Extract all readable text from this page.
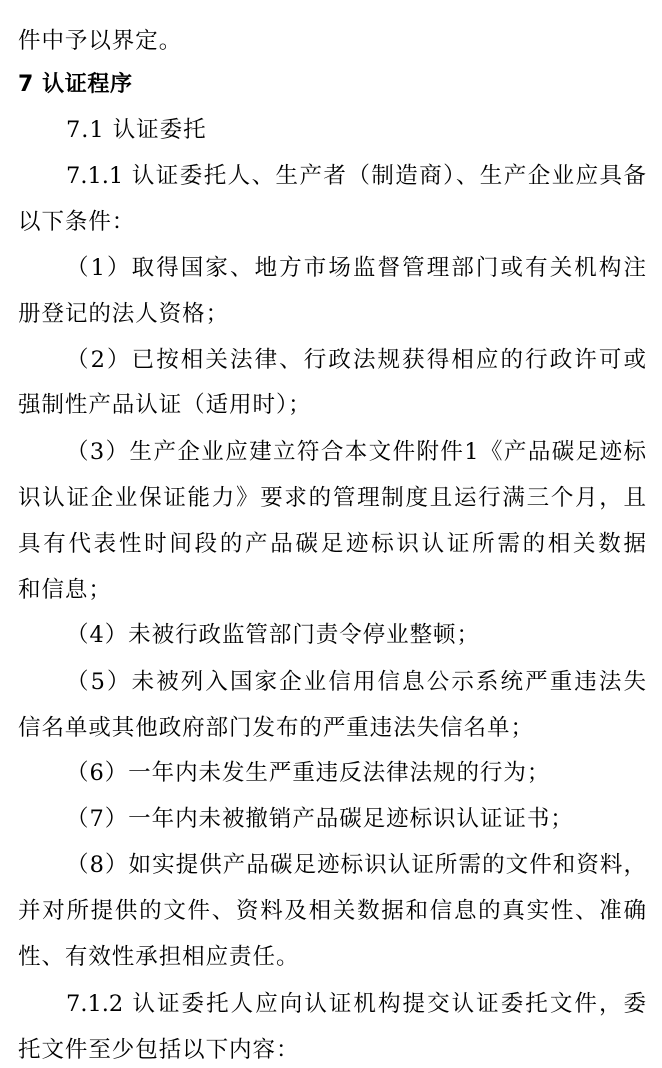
件中予以界定。
7 认证程序
7.1 认证委托
7.1.1 认证委托人、生产者（制造商）、生产企业应具备
以下条件：
（1）取得国家、地方市场监督管理部门或有关机构注
册登记的法人资格；
（2）已按相关法律、行政法规获得相应的行政许可或
强制性产品认证（适用时）；
（3）生产企业应建立符合本文件附件1《产品碳足迹标
识认证企业保证能力》要求的管理制度且运行满三个月，且
具有代表性时间段的产品碳足迹标识认证所需的相关数据
和信息；
（4）未被行政监管部门责令停业整顿；
（5）未被列入国家企业信用信息公示系统严重违法失
信名单或其他政府部门发布的严重违法失信名单；
（6）一年内未发生严重违反法律法规的行为；
（7）一年内未被撤销产品碳足迹标识认证证书；
（8）如实提供产品碳足迹标识认证所需的文件和资料，
并对所提供的文件、资料及相关数据和信息的真实性、准确
性、有效性承担相应责任。
7.1.2 认证委托人应向认证机构提交认证委托文件，委
托文件至少包括以下内容：
